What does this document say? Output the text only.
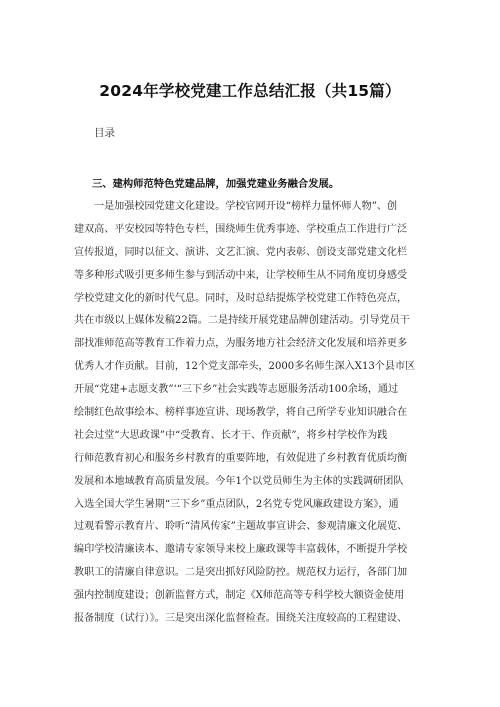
2024年学校党建工作总结汇报（共15篇）
目录
三、建构师范特色党建品牌，加强党建业务融合发展。
一是加强校园党建文化建设。学校官网开设“榜样力量怀师人物”、创
建双高、平安校园等特色专栏，围绕师生优秀事迹、学校重点工作进行广泛
宣传报道，同时以征文、演讲、文艺汇演、党内表彰、创设支部党建文化栏
等多种形式吸引更多师生参与到活动中来，让学校师生从不同角度切身感受
学校党建文化的新时代气息。同时，及时总结提炼学校党建工作特色亮点，
共在市级以上媒体发稿22篇。二是持续开展党建品牌创建活动。引导党员干
部找准师范高等教育工作着力点，为服务地方社会经济文化发展和培养更多
优秀人才作贡献。目前，12个党支部牵头，2000多名师生深入X13个县市区
开展“党建+志愿支教”‘“三下乡”社会实践等志愿服务活动100余场，通过
绘制红色故事绘本、榜样事迹宣讲、现场教学，将自己所学专业知识融合在
社会过堂“大思政课”中“受教育、长才干、作贡献”，将乡村学校作为践
行师范教育初心和服务乡村教育的重要阵地，有效促进了乡村教育优质均衡
发展和本地域教育高质量发展。今年1个以党员师生为主体的实践调研团队
入选全国大学生暑期“三下乡”重点团队，2名党专党风廉政建设方案》，通
过观看警示教育片、聆听“清风传家”主题故事宣讲会、参观清廉文化展览、
编印学校清廉读本、邀请专家领导来校上廉政课等丰富载体，不断提升学校
教职工的清廉自律意识。二是突出抓好风险防控。规范权力运行，各部门加
强内控制度建设；创新监督方式，制定《X师范高等专科学校大额资金使用
报备制度（试行）》。三是突出深化监督检查。围绕关注度较高的工程建设、
